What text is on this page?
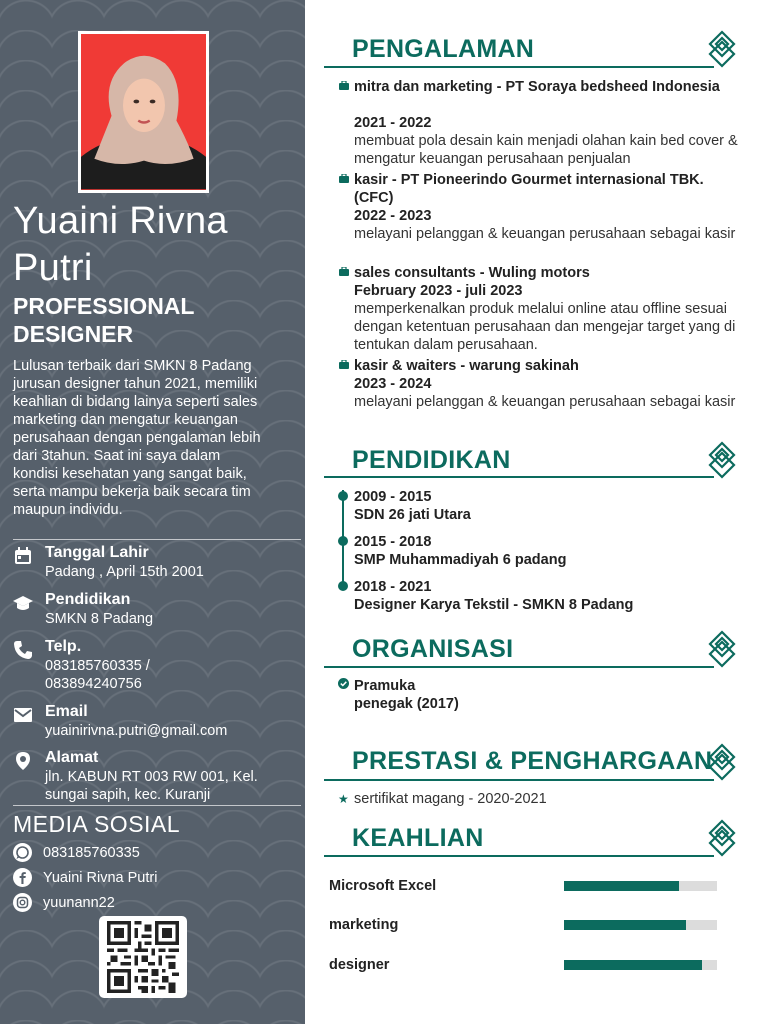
Yuaini Rivna Putri
PROFESSIONAL DESIGNER
Lulusan terbaik dari SMKN 8 Padang jurusan designer tahun 2021, memiliki keahlian di bidang lainya seperti sales marketing dan mengatur keuangan perusahaan dengan pengalaman lebih dari 3tahun. Saat ini saya dalam kondisi kesehatan yang sangat baik, serta mampu bekerja baik secara tim maupun individu.
Tanggal Lahir
Padang , April 15th 2001
Pendidikan
SMKN 8 Padang
Telp.
083185760335 / 083894240756
Email
yuainirivna.putri@gmail.com
Alamat
jln. KABUN RT 003 RW 001, Kel. sungai sapih, kec. Kuranji
MEDIA SOSIAL
083185760335
Yuaini Rivna Putri
yuunann22
PENGALAMAN
mitra dan marketing - PT Soraya bedsheed Indonesia
2021 - 2022
membuat pola desain kain menjadi olahan kain bed cover & mengatur keuangan perusahaan penjualan
kasir - PT Pioneerindo Gourmet internasional TBK. (CFC)
2022 - 2023
melayani pelanggan & keuangan perusahaan sebagai kasir
sales consultants - Wuling motors
February 2023 - juli 2023
memperkenalkan produk melalui online atau offline sesuai dengan ketentuan perusahaan dan mengejar target yang di tentukan dalam perusahaan.
kasir & waiters - warung sakinah
2023 - 2024
melayani pelanggan & keuangan perusahaan sebagai kasir
PENDIDIKAN
2009 - 2015
SDN 26 jati Utara
2015 - 2018
SMP Muhammadiyah 6 padang
2018 - 2021
Designer Karya Tekstil - SMKN 8 Padang
ORGANISASI
Pramuka
penegak (2017)
PRESTASI & PENGHARGAAN
★ sertifikat magang - 2020-2021
KEAHLIAN
Microsoft Excel
marketing
designer
